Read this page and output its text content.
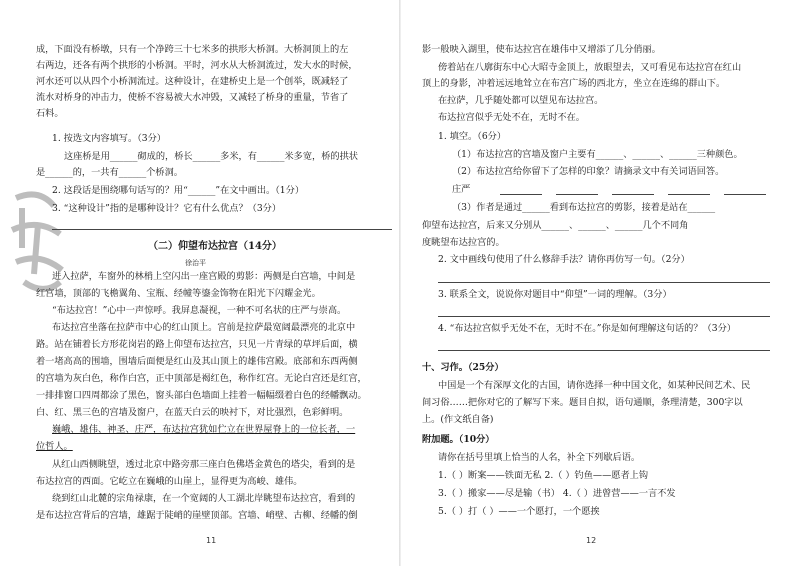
成，下面没有桥墩，只有一个净跨三十七米多的拱形大桥洞。大桥洞顶上的左
右两边，还各有两个拱形的小桥洞。平时，河水从大桥洞流过，发大水的时候，
河水还可以从四个小桥洞流过。这种设计，在建桥史上是一个创举，既减轻了
流水对桥身的冲击力，使桥不容易被大水冲毁，又减轻了桥身的重量，节省了
石料。
1. 按选文内容填写。（3分）
这座桥是用______砌成的，桥长______多米，有______米多宽，桥的拱状
是______的，一共有______个桥洞。
2. 这段话是围绕哪句话写的？用“______”在文中画出。（1分）
3. “这种设计”指的是哪种设计？它有什么优点？（3分）
（二）仰望布达拉宫（14分）
徐治平
进入拉萨，车窗外的林梢上空闪出一座宫殿的剪影：两侧是白宫墙，中间是
红宫墙，顶部的飞檐翼角、宝瓶、经幢等鎏金饰物在阳光下闪耀金光。
“布达拉宫！”心中一声惊呼。我屏息凝视，一种不可名状的庄严与崇高。
布达拉宫坐落在拉萨市中心的红山顶上。宫前是拉萨最宽阔最漂亮的北京中
路。站在铺着长方形花岗岩的路上仰望布达拉宫，只见一片青绿的草坪后面，横
着一堵高高的围墙，围墙后面便是红山及其山顶上的雄伟宫殿。底部和东西两侧
的宫墙为灰白色，称作白宫，正中顶部是褐红色，称作红宫。无论白宫还是红宫，
一排排窗口四周都涂了黑色，窗头部白色墙面上挂着一幅幅缀着白色的经幡飘动。
白、红、黑三色的宫墙及窗户，在蓝天白云的映衬下，对比强烈，色彩鲜明。
巍峨、雄伟、神圣、庄严，布达拉宫犹如伫立在世界屋脊上的一位长者，一
位哲人。
从红山西侧眺望，透过北京中路旁那三座白色佛塔金黄色的塔尖，看到的是
布达拉宫的西面。它屹立在巍峨的山崖上，显得更为高峻、雄伟。
绕到红山北麓的宗角禄康，在一个宽阔的人工湖北岸眺望布达拉宫，看到的
是布达拉宫背后的宫墙，雄踞于陡峭的崖壁顶部。宫墙、峭壁、古柳、经幡的倒
11
影一般映入湖里，使布达拉宫在雄伟中又增添了几分俏丽。
傍着站在八廓街东中心大昭寺金顶上，放眼望去，又可看见布达拉宫在红山
顶上的身影，冲着远远地耸立在布宫广场的西北方，坐立在连绵的群山下。
在拉萨，几乎随处都可以望见布达拉宫。
布达拉宫似乎无处不在，无时不在。
1. 填空。（6分）
（1）布达拉宫的宫墙及窗户主要有______、______、______三种颜色。
（2）布达拉宫给你留下了怎样的印象？请摘录文中有关词语回答。
庄严
（3）作者是通过______看到布达拉宫的剪影，接着是站在______
仰望布达拉宫，后来又分别从______、______、______几个不同角
度眺望布达拉宫的。
2. 文中画线句使用了什么修辞手法？请你再仿写一句。（2分）
3. 联系全文，说说你对题目中“仰望”一词的理解。（3分）
4. “布达拉宫似乎无处不在，无时不在。”你是如何理解这句话的？（3分）
十、习作。（25分）
中国是一个有深厚文化的古国，请你选择一种中国文化，如某种民间艺术、民
间习俗……把你对它的了解写下来。题目自拟，语句通顺，条理清楚，300字以
上。(作文纸自备)
附加题。（10分）
请你在括号里填上恰当的人名，补全下列歇后语。
1.（ ）断案——铁面无私 2.（ ）钓鱼——愿者上钩
3.（ ）搬家——尽是输（书） 4.（ ）进曾营——一言不发
5.（ ）打（ ）——一个愿打，一个愿挨
12
